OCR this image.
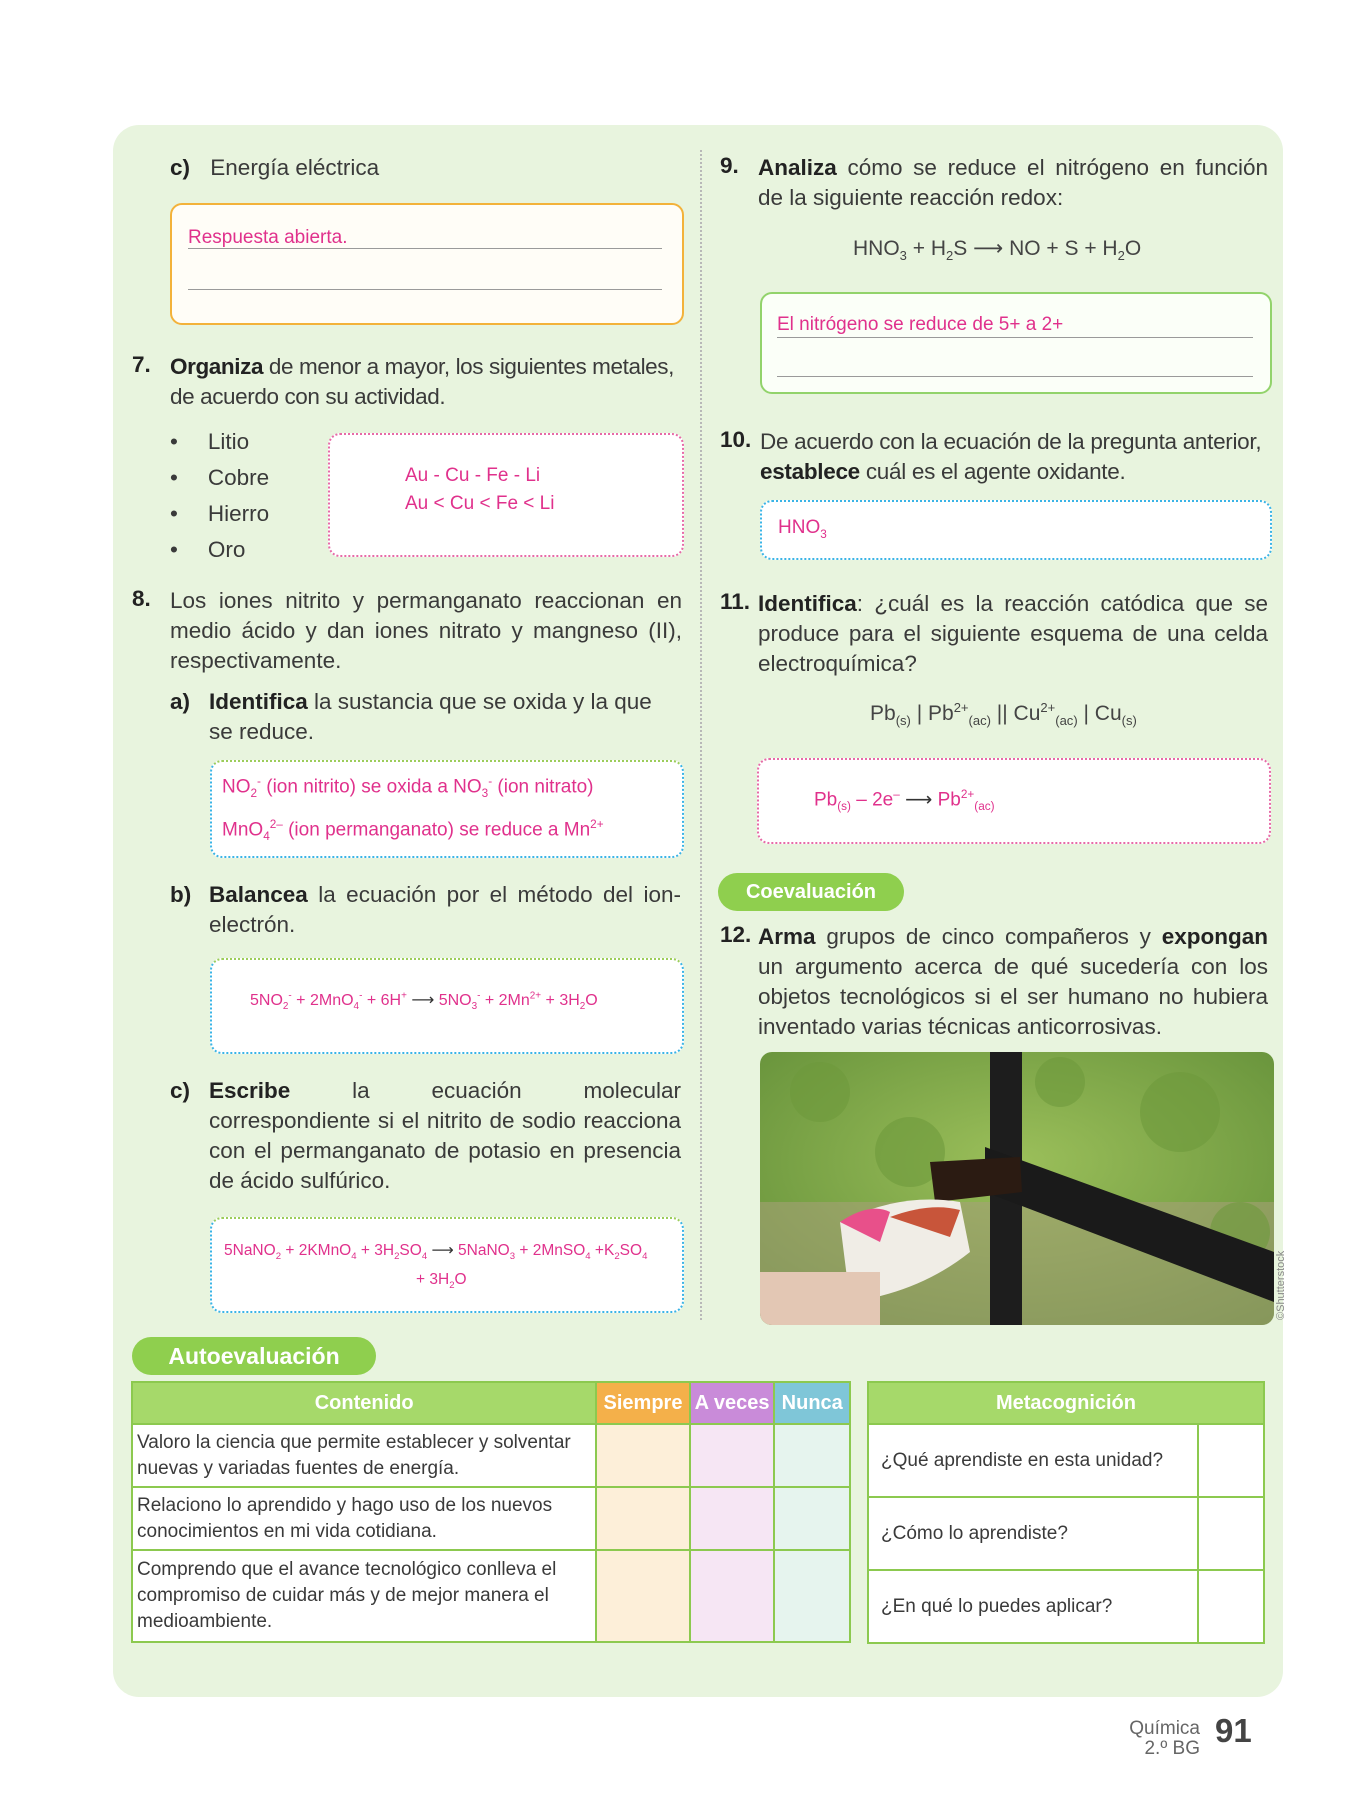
c) Energía eléctrica
Respuesta abierta.
7. Organiza de menor a mayor, los siguientes metales, de acuerdo con su actividad.
• Litio
• Cobre
• Hierro
• Oro
Au - Cu - Fe - Li
Au < Cu < Fe < Li
8. Los iones nitrito y permanganato reaccionan en medio ácido y dan iones nitrato y mangneso (II), respectivamente.
a) Identifica la sustancia que se oxida y la que se reduce.
$NO_2^-$ (ion nitrito) se oxida a $NO_3^-$ (ion nitrato)
MnO$_4^{2-}$ (ion permanganato) se reduce a $Mn^{2+}$
b) Balancea la ecuación por el método del ion-electrón.
$5NO_2^- + 2MnO_4^- + 6H^+$ ⟶ $5NO_3^- + 2Mn^{2+} + 3H_2O$
c) Escribe la ecuación molecular correspondiente si el nitrito de sodio reacciona con el permanganato de potasio en presencia de ácido sulfúrico.
5NaNO$_2$ + 2KMnO$_4$ + $3H_2SO_4$ ⟶ 5NaNO$_3$ + 2MnSO$_4$ $+K_2SO_4$
+ $3H_2O$
9. Analiza cómo se reduce el nitrógeno en función de la siguiente reacción redox:
$HNO_3 + H_2S$ ⟶ NO + $S + H_2O$
El nitrógeno se reduce de 5+ a 2+
10. De acuerdo con la ecuación de la pregunta anterior, establece cuál es el agente oxidante.
$HNO_3$
11. Identifica: ¿cuál es la reacción catódica que se produce para el siguiente esquema de una celda electroquímica?
$Pb_{(s)}$ | $Pb^{2+}_{(ac)}$ || $Cu^{2+}_{(ac)}$ | $Cu_{(s)}$
$Pb_{(s)} - 2e^-$ ⟶ $Pb^{2+}_{(ac)}$
Coevaluación
12. Arma grupos de cinco compañeros y expongan un argumento acerca de qué sucedería con los objetos tecnológicos si el ser humano no hubiera inventado varias técnicas anticorrosivas.
©Shutterstock
Autoevaluación
Contenido	Siempre	A veces	Nunca
Valoro la ciencia que permite establecer y solventar nuevas y variadas fuentes de energía.			
Relaciono lo aprendido y hago uso de los nuevos conocimientos en mi vida cotidiana.			
Comprendo que el avance tecnológico conlleva el compromiso de cuidar más y de mejor manera el medioambiente.			
Metacognición	
¿Qué aprendiste en esta unidad?	
¿Cómo lo aprendiste?	
¿En qué lo puedes aplicar?	
Química
2.º BG 91
